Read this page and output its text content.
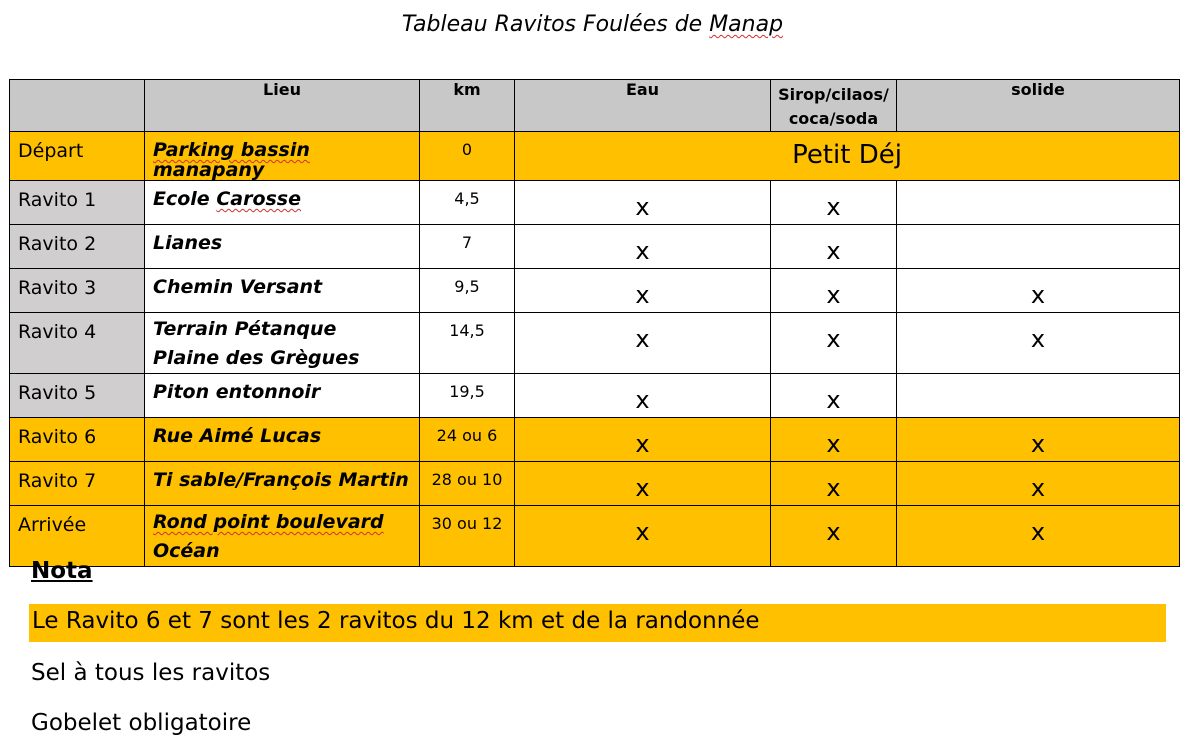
Tableau Ravitos Foulées de Manap
	Lieu	km	Eau	Sirop/cilaos/
coca/soda	solide
Départ	Parking bassin manapany	0	Petit Déj		
Ravito 1	Ecole Carosse	4,5	x	x	
Ravito 2	Lianes	7	x	x	
Ravito 3	Chemin Versant	9,5	x	x	x
Ravito 4	Terrain Pétanque
Plaine des Grègues	14,5	x	x	x
Ravito 5	Piton entonnoir	19,5	x	x	
Ravito 6	Rue Aimé Lucas	24 ou 6	x	x	x
Ravito 7	Ti sable/François Martin	28 ou 10	x	x	x
Arrivée	Rond point boulevard
Océan	30 ou 12	x	x	x
Nota
Le Ravito 6 et 7 sont les 2 ravitos du 12 km et de la randonnée
Sel à tous les ravitos
Gobelet obligatoire
